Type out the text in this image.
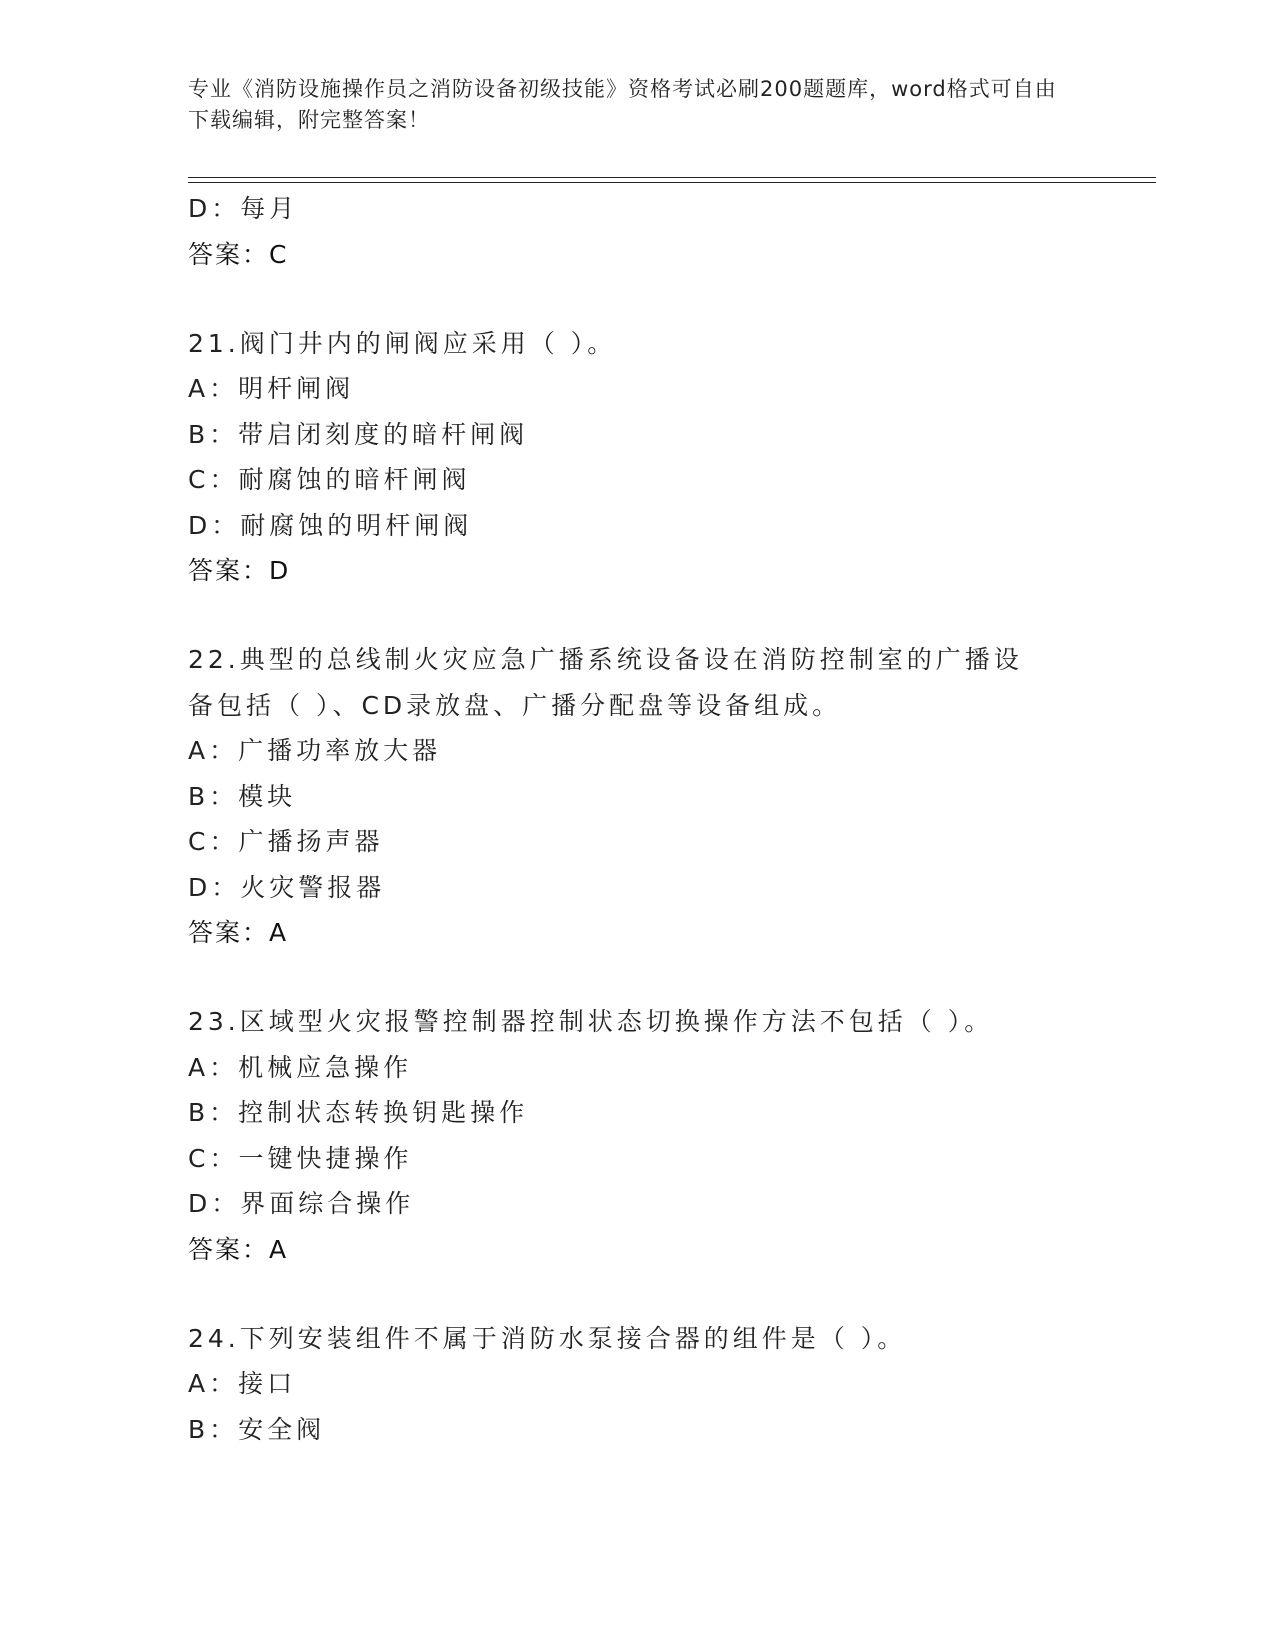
专业《消防设施操作员之消防设备初级技能》资格考试必刷200题题库，word格式可自由下载编辑，附完整答案！
D：每月
答案：C
21.阀门井内的闸阀应采用（ ）。
A：明杆闸阀
B：带启闭刻度的暗杆闸阀
C：耐腐蚀的暗杆闸阀
D：耐腐蚀的明杆闸阀
答案：D
22.典型的总线制火灾应急广播系统设备设在消防控制室的广播设备包括（ ）、CD录放盘、广播分配盘等设备组成。
A：广播功率放大器
B：模块
C：广播扬声器
D：火灾警报器
答案：A
23.区域型火灾报警控制器控制状态切换操作方法不包括（ ）。
A：机械应急操作
B：控制状态转换钥匙操作
C：一键快捷操作
D：界面综合操作
答案：A
24.下列安装组件不属于消防水泵接合器的组件是（ ）。
A：接口
B：安全阀
